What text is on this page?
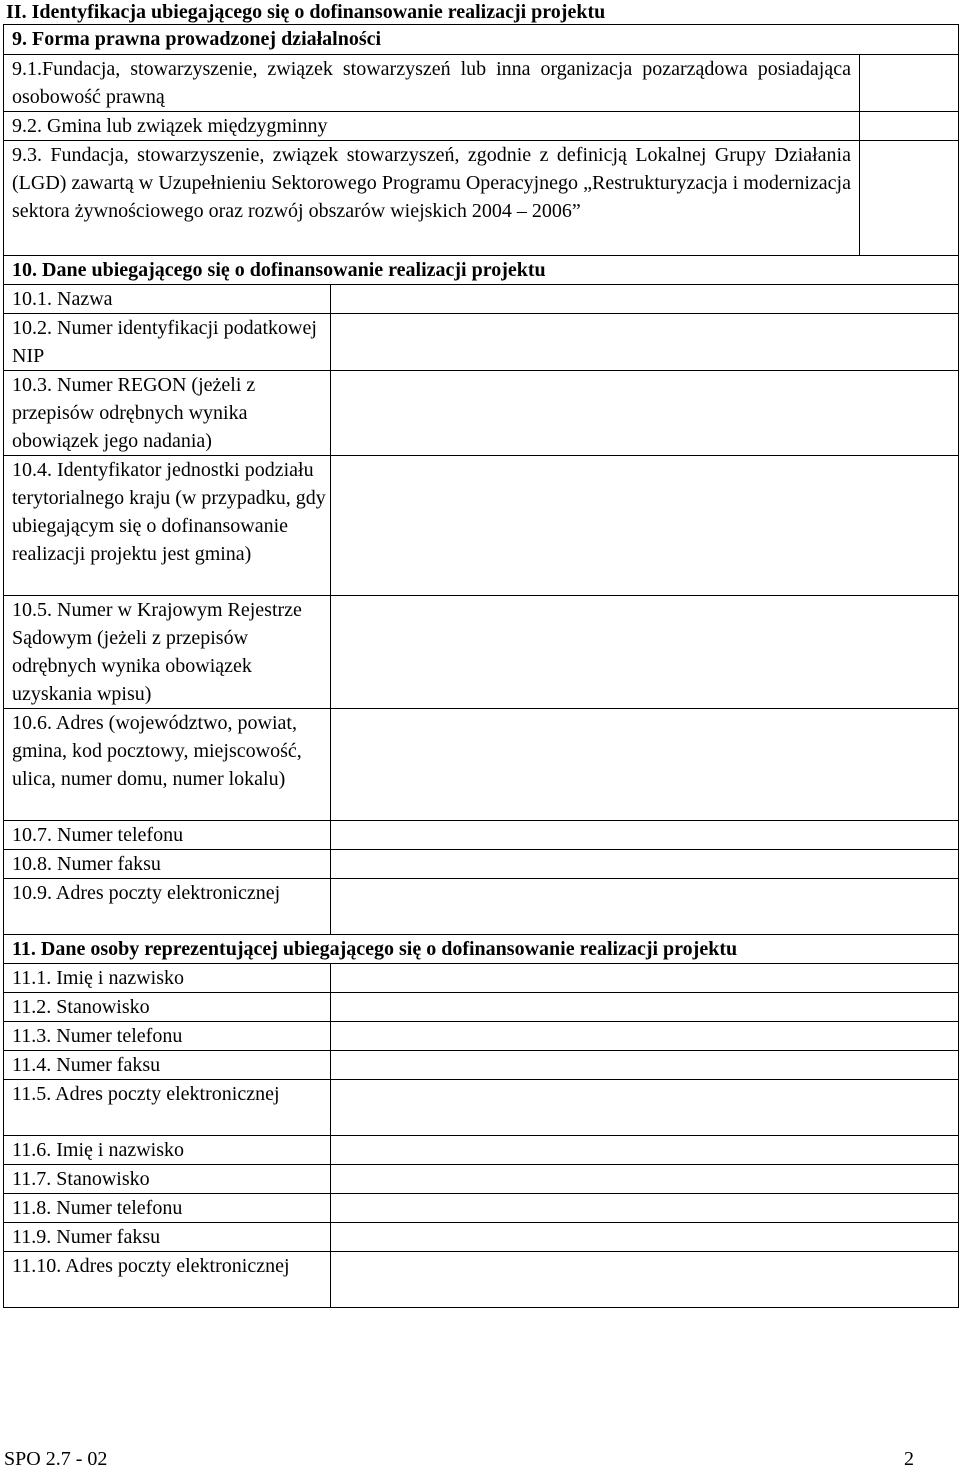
II. Identyfikacja ubiegającego się o dofinansowanie realizacji projektu
9. Forma prawna prowadzonej działalności		
9.1.Fundacja, stowarzyszenie, związek stowarzyszeń lub inna organizacja pozarządowa posiadająca osobowość prawną		
9.2. Gmina lub związek międzygminny		
9.3. Fundacja, stowarzyszenie, związek stowarzyszeń, zgodnie z definicją Lokalnej Grupy Działania (LGD) zawartą w Uzupełnieniu Sektorowego Programu Operacyjnego „Restrukturyzacja i modernizacja sektora żywnościowego oraz rozwój obszarów wiejskich 2004 – 2006”		
10. Dane ubiegającego się o dofinansowanie realizacji projektu		
10.1. Nazwa		
10.2. Numer identyfikacji podatkowej NIP		
10.3. Numer REGON (jeżeli z przepisów odrębnych wynika obowiązek jego nadania)		
10.4. Identyfikator jednostki podziału terytorialnego kraju (w przypadku, gdy ubiegającym się o dofinansowanie realizacji projektu jest gmina)		
10.5. Numer w Krajowym Rejestrze Sądowym (jeżeli z przepisów odrębnych wynika obowiązek uzyskania wpisu)		
10.6. Adres (województwo, powiat, gmina, kod pocztowy, miejscowość, ulica, numer domu, numer lokalu)		
10.7. Numer telefonu		
10.8. Numer faksu		
10.9. Adres poczty elektronicznej		
11. Dane osoby reprezentującej ubiegającego się o dofinansowanie realizacji projektu		
11.1. Imię i nazwisko		
11.2. Stanowisko		
11.3. Numer telefonu		
11.4. Numer faksu		
11.5. Adres poczty elektronicznej		
11.6. Imię i nazwisko		
11.7. Stanowisko		
11.8. Numer telefonu		
11.9. Numer faksu		
11.10. Adres poczty elektronicznej		
SPO 2.7 - 02	2
